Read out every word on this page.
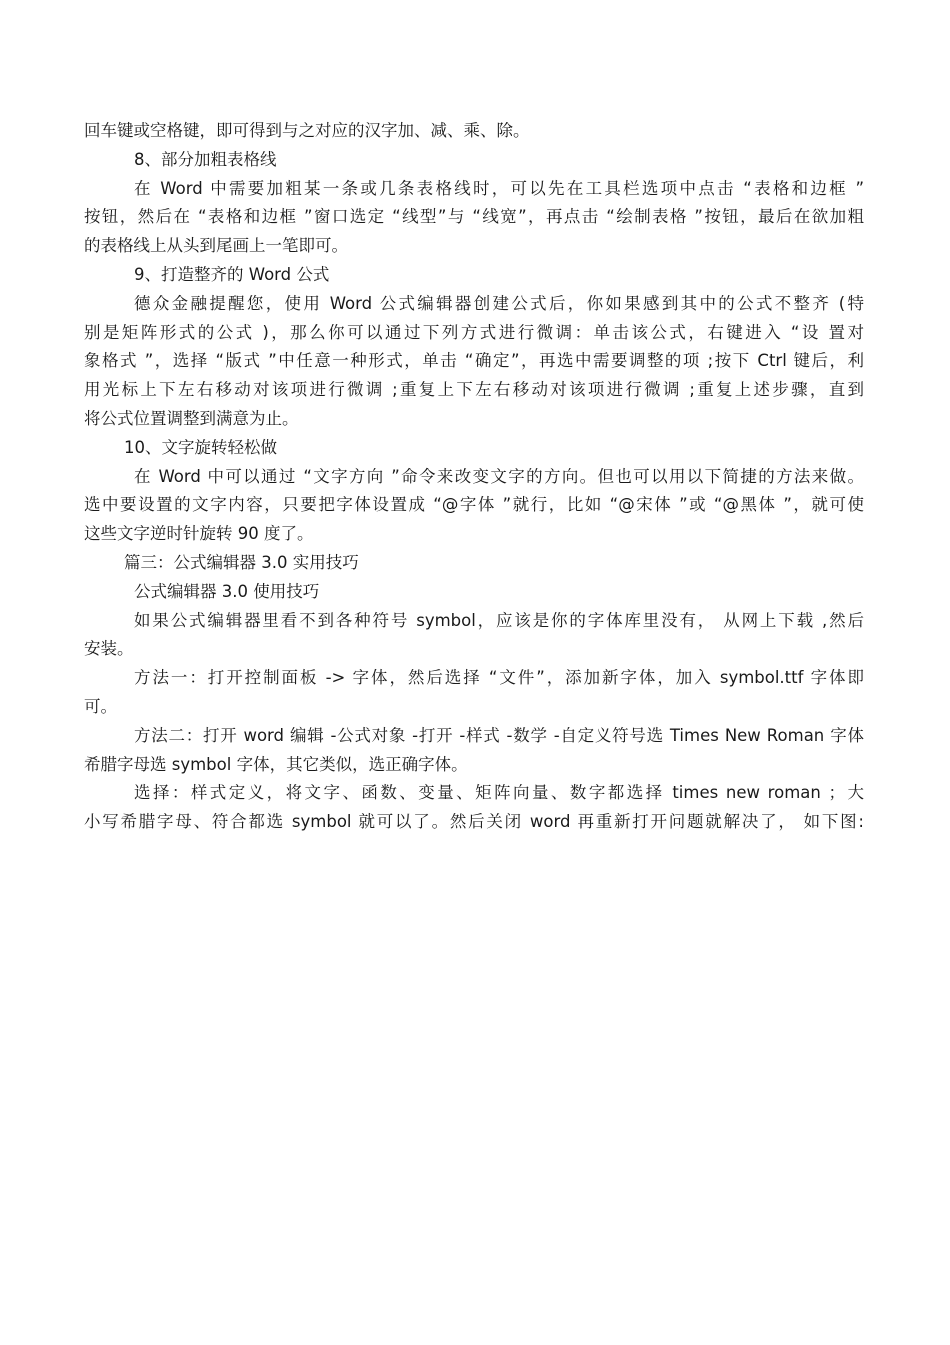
回车键或空格键，即可得到与之对应的汉字加、减、乘、除。
8、部分加粗表格线
在 Word 中需要加粗某一条或几条表格线时，可以先在工具栏选项中点击 “表格和边框 ”
按钮，然后在 “表格和边框 ”窗口选定 “线型”与 “线宽”，再点击 “绘制表格 ”按钮，最后在欲加粗
的表格线上从头到尾画上一笔即可。
9、打造整齐的 Word 公式
德众金融提醒您，使用 Word 公式编辑器创建公式后，你如果感到其中的公式不整齐 (特
别是矩阵形式的公式 )，那么你可以通过下列方式进行微调：单击该公式，右键进入 “设 置对
象格式 ”，选择 “版式 ”中任意一种形式，单击 “确定”，再选中需要调整的项 ;按下 Ctrl 键后，利
用光标上下左右移动对该项进行微调 ;重复上下左右移动对该项进行微调 ;重复上述步骤，直到
将公式位置调整到满意为止。
10、文字旋转轻松做
在 Word 中可以通过 “文字方向 ”命令来改变文字的方向。但也可以用以下简捷的方法来做。
选中要设置的文字内容，只要把字体设置成 “@字体 ”就行，比如 “@宋体 ”或 “@黑体 ”，就可使
这些文字逆时针旋转 90 度了。
篇三：公式编辑器 3.0 实用技巧
公式编辑器 3.0 使用技巧
如果公式编辑器里看不到各种符号 symbol，应该是你的字体库里没有， 从网上下载 ,然后
安装。
方法一：打开控制面板 -> 字体，然后选择 “文件”，添加新字体，加入 symbol.ttf 字体即
可。
方法二：打开 word 编辑 -公式对象 -打开 -样式 -数学 -自定义符号选 Times New Roman 字体
希腊字母选 symbol 字体，其它类似，选正确字体。
选择：样式定义，将文字、函数、变量、矩阵向量、数字都选择 times new roman ；大
小写希腊字母、符合都选 symbol 就可以了。然后关闭 word 再重新打开问题就解决了， 如下图:
